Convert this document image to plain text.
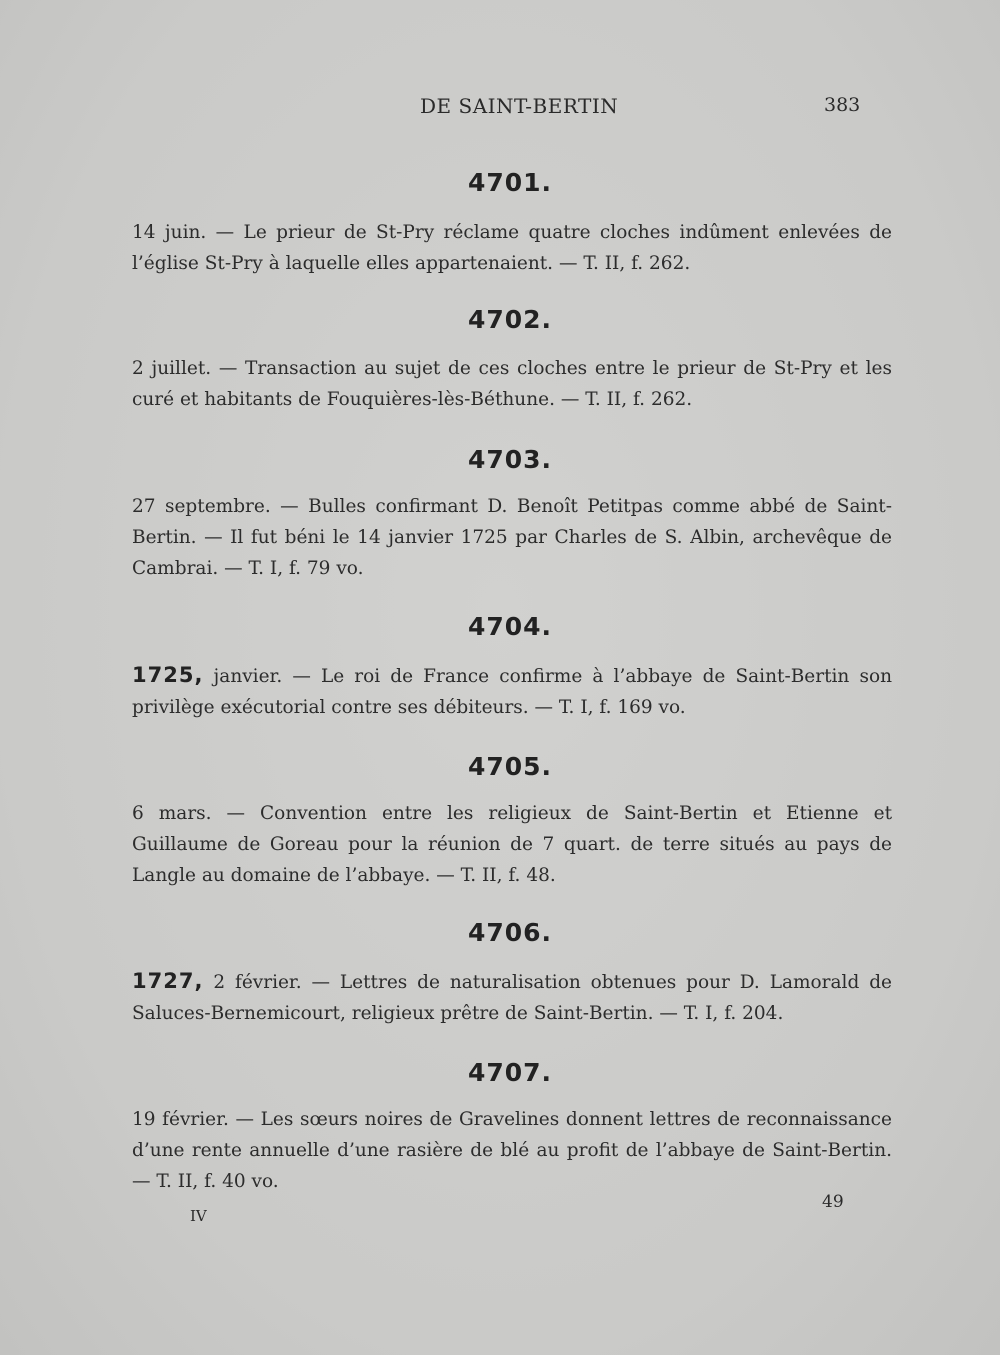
DE SAINT-BERTIN	383
4701.
14 juin. — Le prieur de St-Pry réclame quatre cloches indûment enlevées de l’église St-Pry à laquelle elles appartenaient. — T. II, f. 262.
4702.
2 juillet. — Transaction au sujet de ces cloches entre le prieur de St-Pry et les curé et habitants de Fouquières-lès-Béthune. — T. II, f. 262.
4703.
27 septembre. — Bulles confirmant D. Benoît Petitpas comme abbé de Saint-Bertin. — Il fut béni le 14 janvier 1725 par Charles de S. Albin, archevêque de Cambrai. — T. I, f. 79 vo.
4704.
1725, janvier. — Le roi de France confirme à l’abbaye de Saint-Bertin son privilège exécutorial contre ses débiteurs. — T. I, f. 169 vo.
4705.
6 mars. — Convention entre les religieux de Saint-Bertin et Etienne et Guillaume de Goreau pour la réunion de 7 quart. de terre situés au pays de Langle au domaine de l’abbaye. — T. II, f. 48.
4706.
1727, 2 février. — Lettres de naturalisation obtenues pour D. Lamorald de Saluces-Bernemicourt, religieux prêtre de Saint-Bertin. — T. I, f. 204.
4707.
19 février. — Les sœurs noires de Gravelines donnent lettres de reconnaissance d’une rente annuelle d’une rasière de blé au profit de l’abbaye de Saint-Bertin. — T. II, f. 40 vo.
IV
49
